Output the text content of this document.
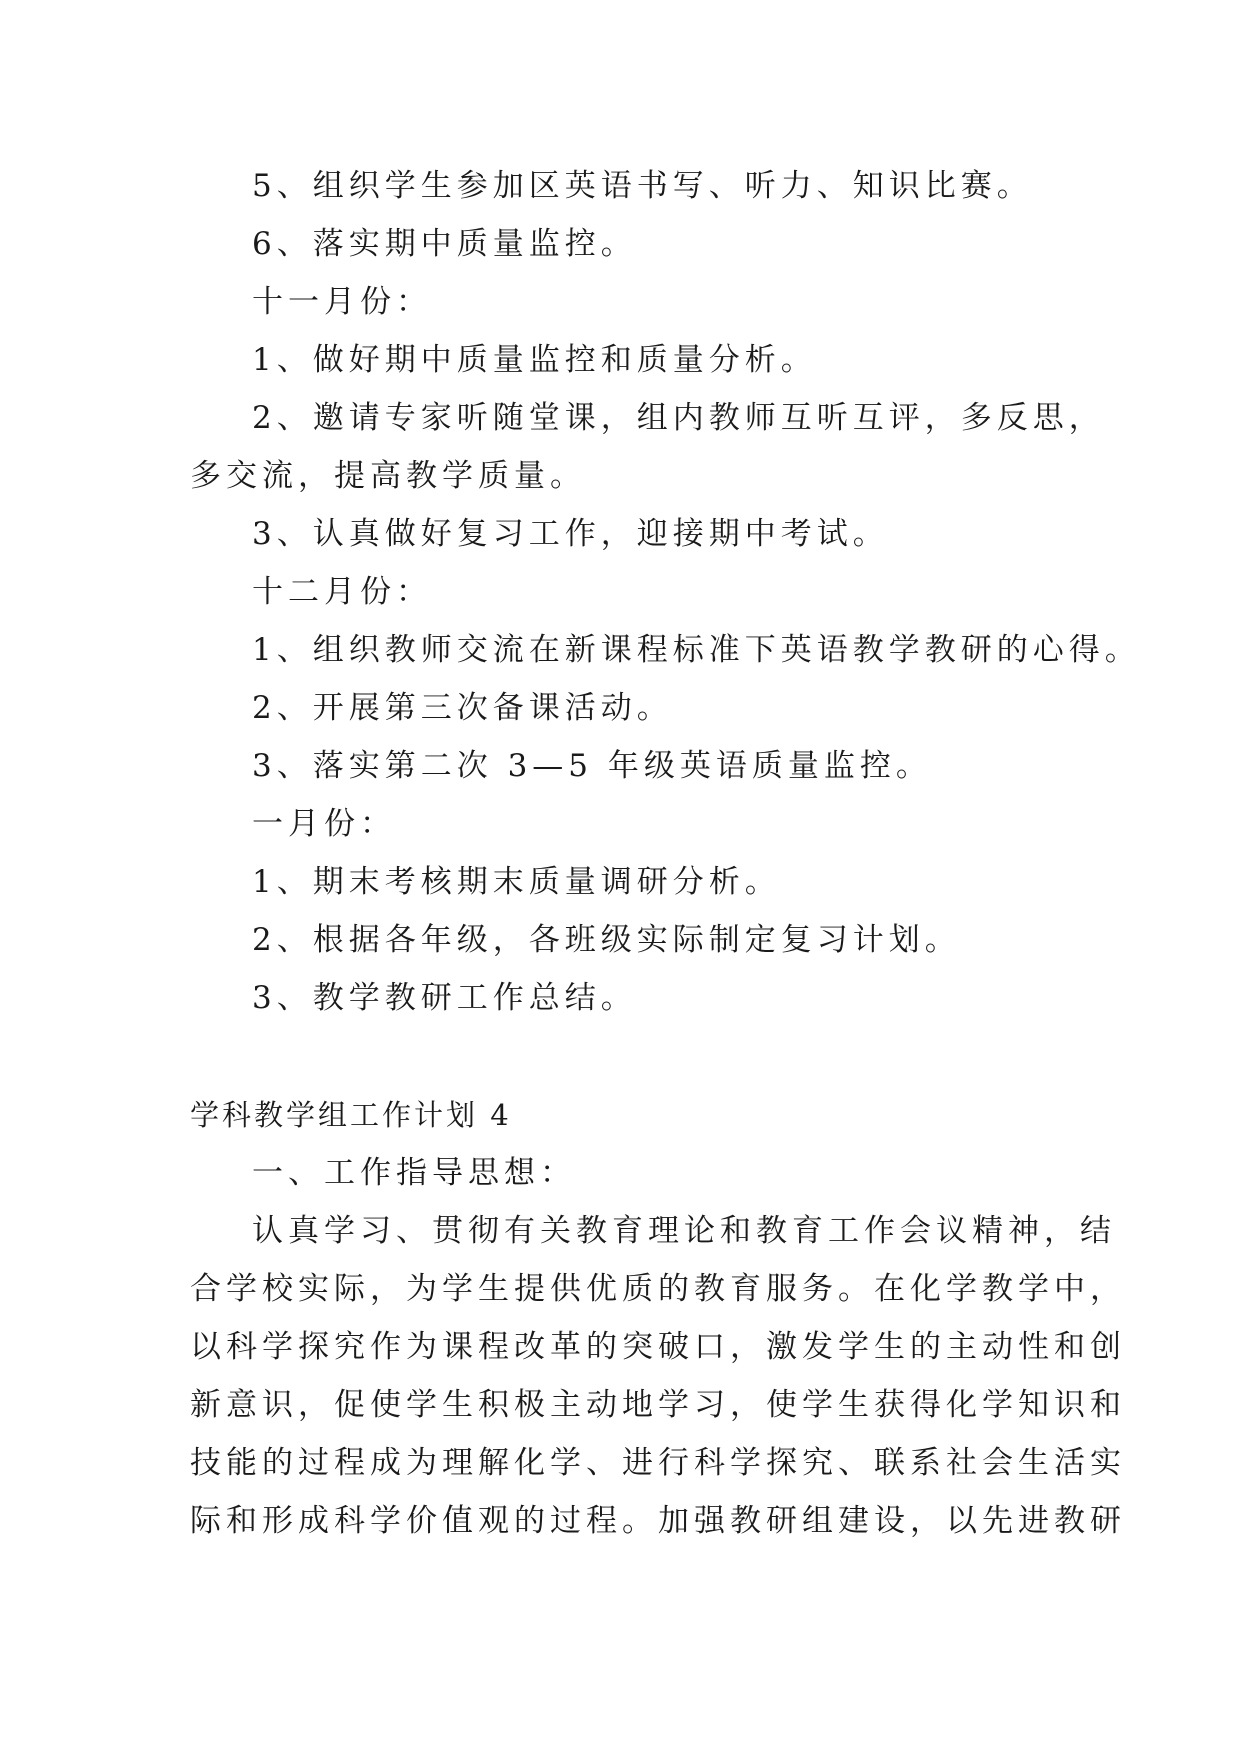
5、组织学生参加区英语书写、听力、知识比赛。
6、落实期中质量监控。
十一月份：
1、做好期中质量监控和质量分析。
2、邀请专家听随堂课，组内教师互听互评，多反思，
多交流，提高教学质量。
3、认真做好复习工作，迎接期中考试。
十二月份：
1、组织教师交流在新课程标准下英语教学教研的心得。
2、开展第三次备课活动。
3、落实第二次 3—5 年级英语质量监控。
一月份：
1、期末考核期末质量调研分析。
2、根据各年级，各班级实际制定复习计划。
3、教学教研工作总结。
学科教学组工作计划 4
一、工作指导思想：
认真学习、贯彻有关教育理论和教育工作会议精神，结
合学校实际，为学生提供优质的教育服务。在化学教学中，
以科学探究作为课程改革的突破口，激发学生的主动性和创
新意识，促使学生积极主动地学习，使学生获得化学知识和
技能的过程成为理解化学、进行科学探究、联系社会生活实
际和形成科学价值观的过程。加强教研组建设，以先进教研
